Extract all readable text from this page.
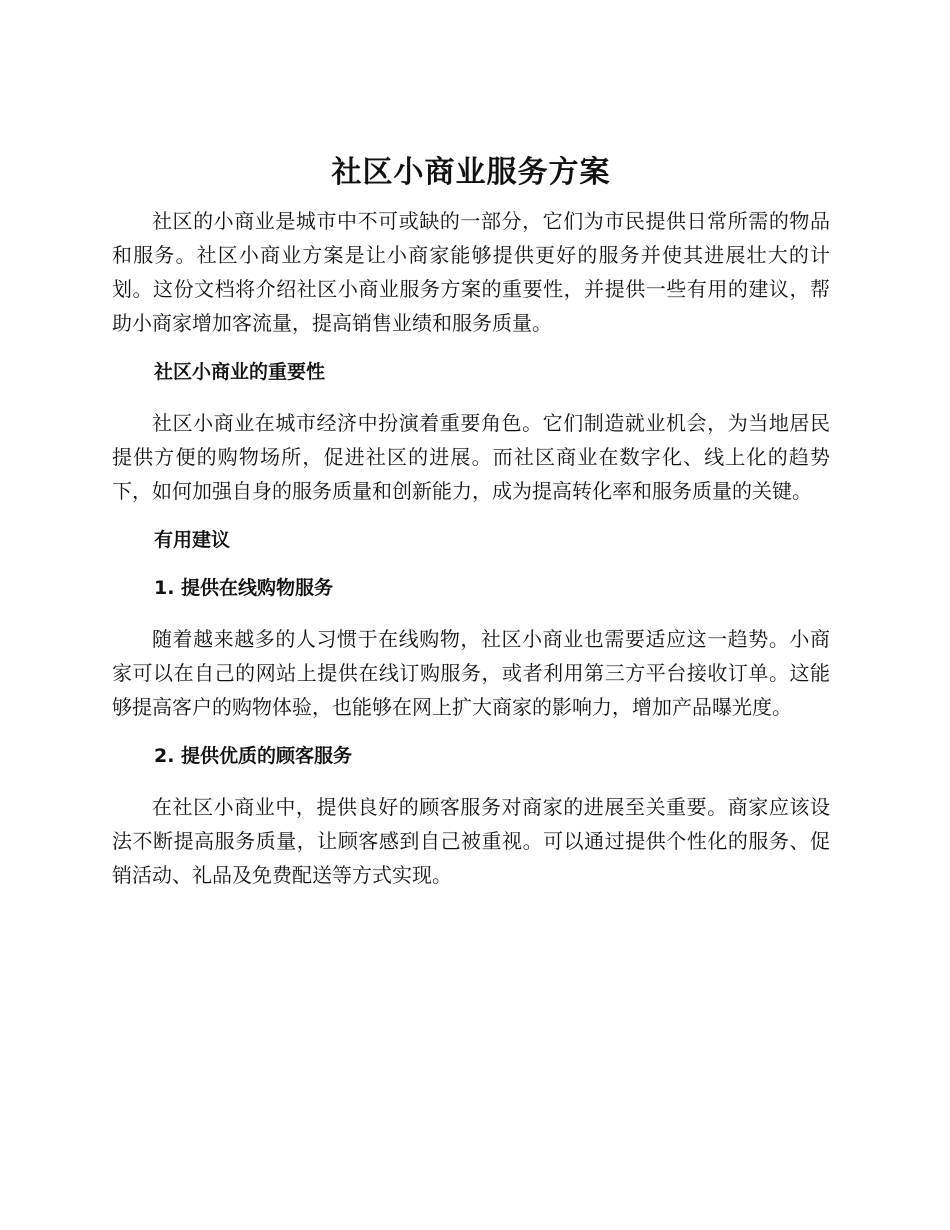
社区小商业服务方案

社区的小商业是城市中不可或缺的一部分，它们为市民提供日常所需的物品和服务。社区小商业方案是让小商家能够提供更好的服务并使其进展壮大的计划。这份文档将介绍社区小商业服务方案的重要性，并提供一些有用的建议，帮助小商家增加客流量，提高销售业绩和服务质量。

社区小商业的重要性

社区小商业在城市经济中扮演着重要角色。它们制造就业机会，为当地居民提供方便的购物场所，促进社区的进展。而社区商业在数字化、线上化的趋势下，如何加强自身的服务质量和创新能力，成为提高转化率和服务质量的关键。

有用建议
1. 提供在线购物服务

随着越来越多的人习惯于在线购物，社区小商业也需要适应这一趋势。小商家可以在自己的网站上提供在线订购服务，或者利用第三方平台接收订单。这能够提高客户的购物体验，也能够在网上扩大商家的影响力，增加产品曝光度。

2. 提供优质的顾客服务

在社区小商业中，提供良好的顾客服务对商家的进展至关重要。商家应该设法不断提高服务质量，让顾客感到自己被重视。可以通过提供个性化的服务、促销活动、礼品及免费配送等方式实现。
